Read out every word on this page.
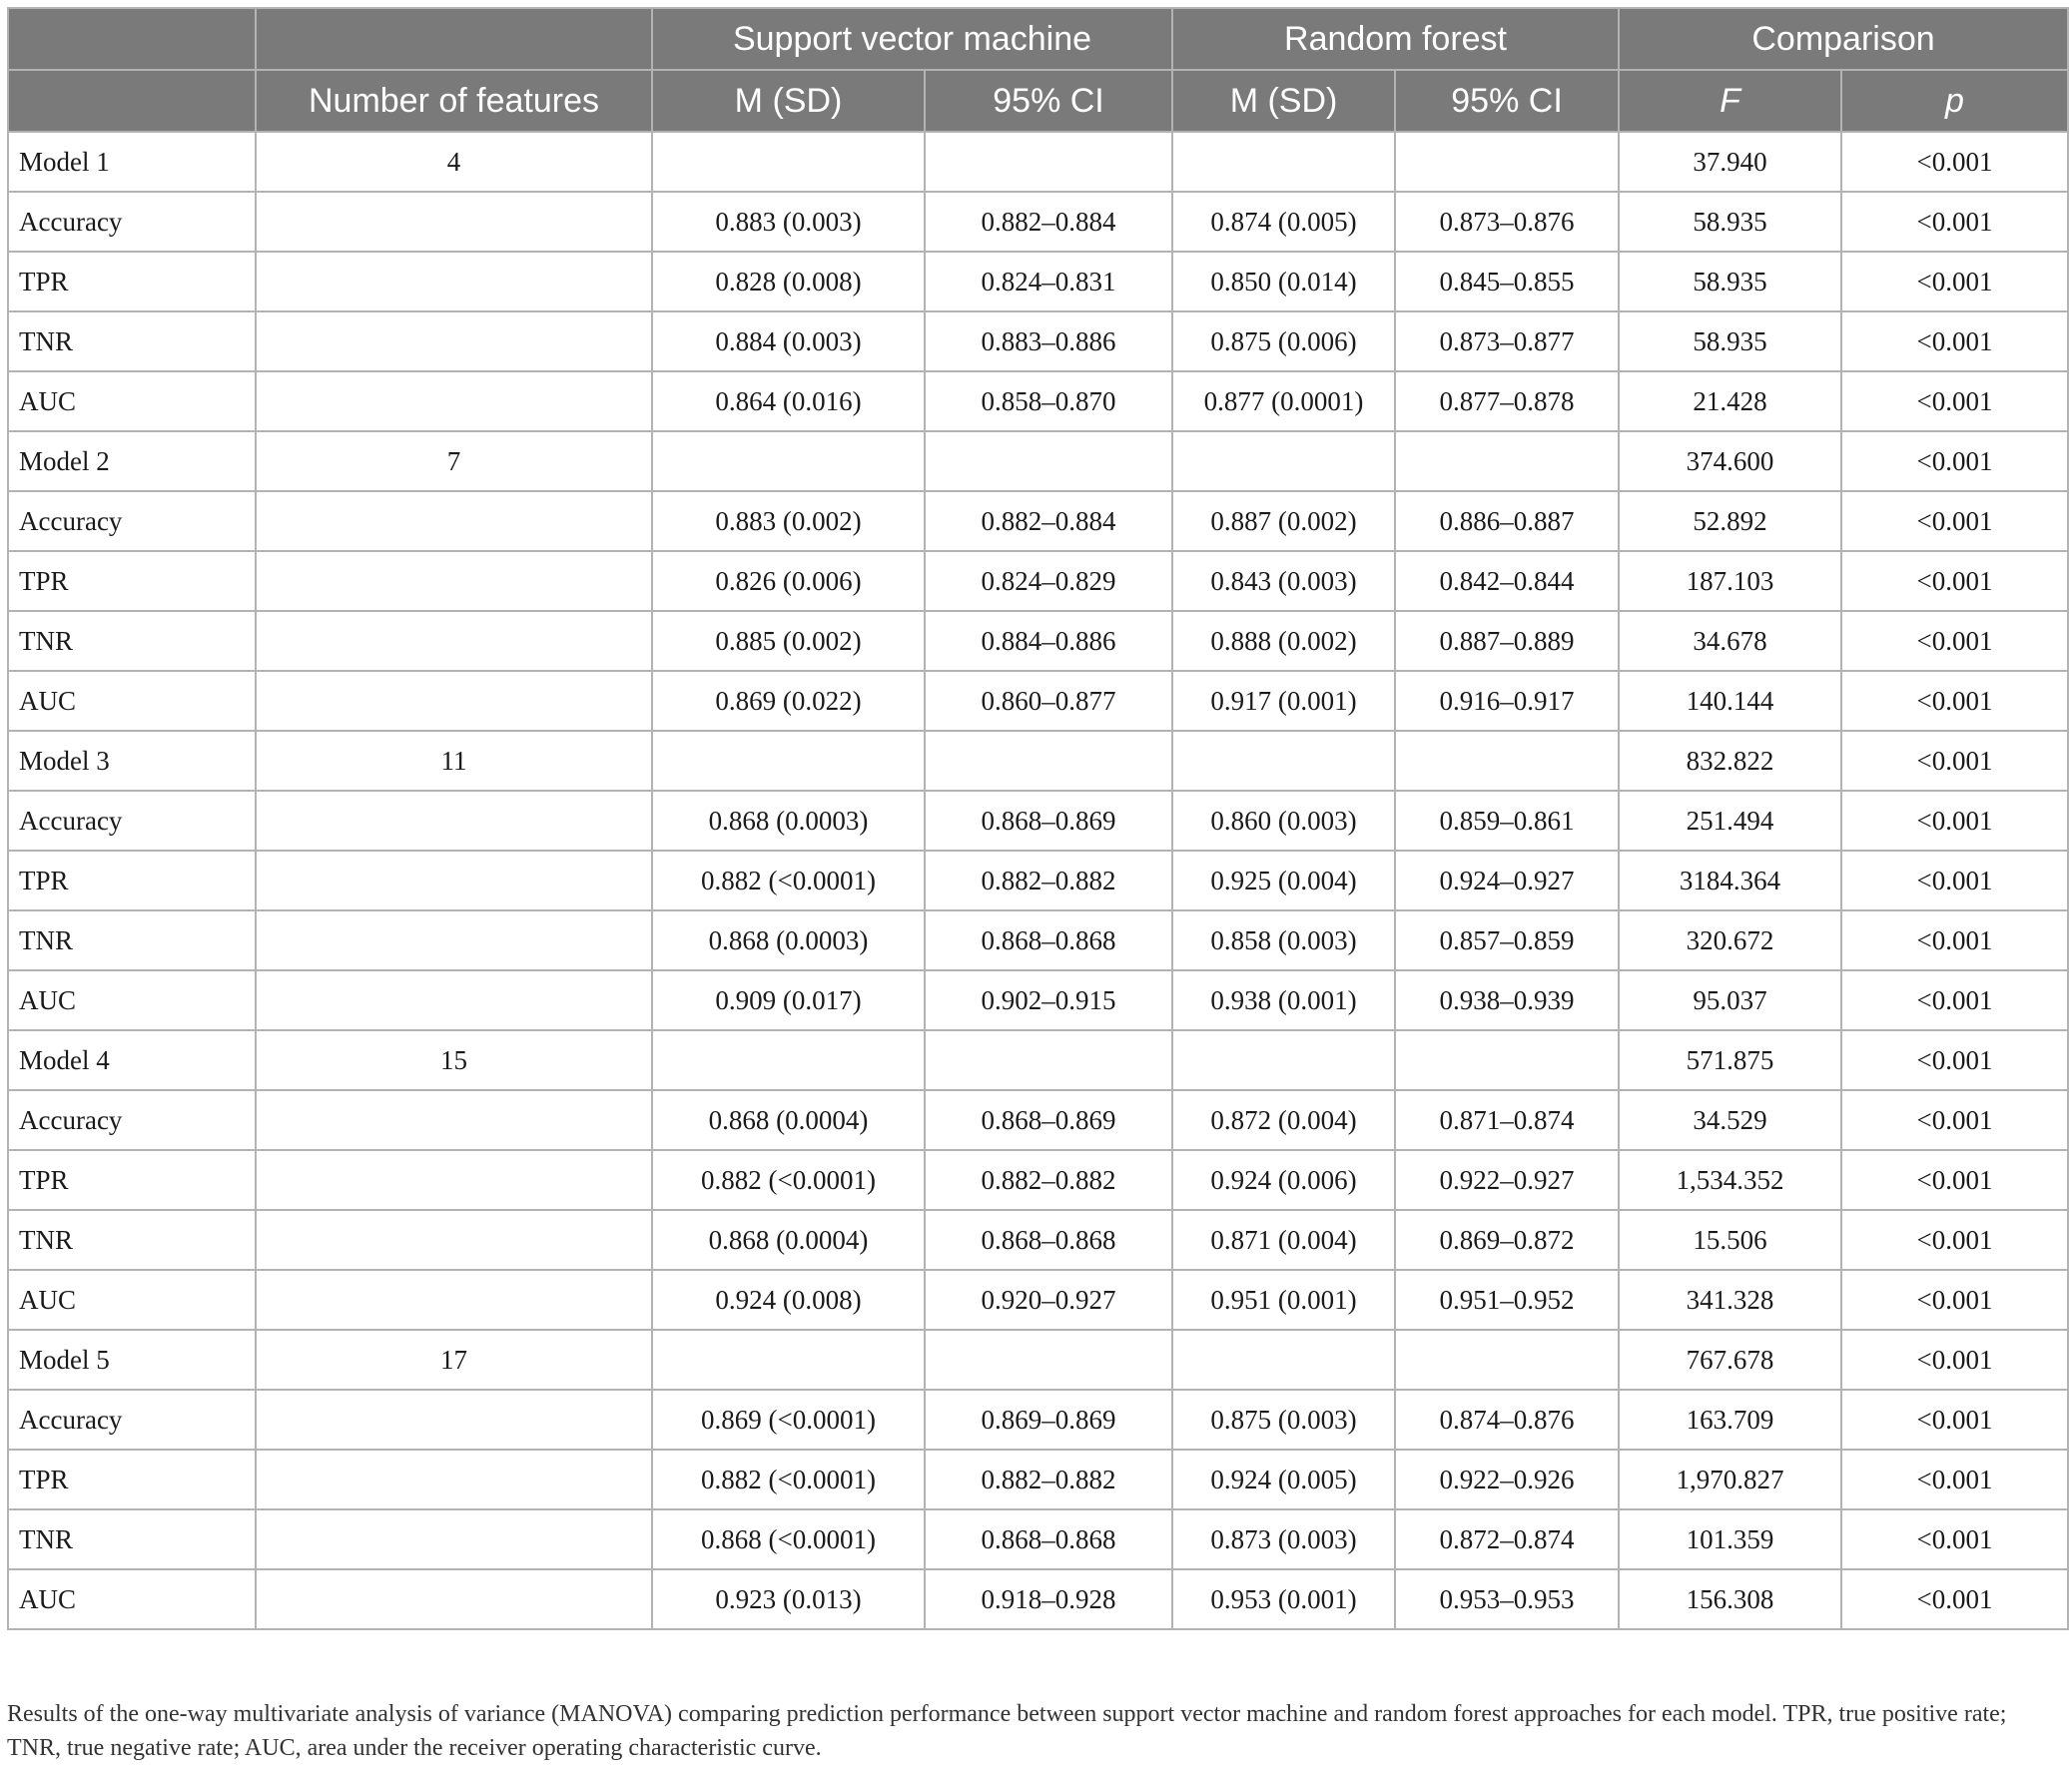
		Support vector machine		Random forest		Comparison	
	Number of features	M (SD)	95% CI	M (SD)	95% CI	F	p
Model 1	4					37.940	<0.001
Accuracy		0.883 (0.003)	0.882–0.884	0.874 (0.005)	0.873–0.876	58.935	<0.001
TPR		0.828 (0.008)	0.824–0.831	0.850 (0.014)	0.845–0.855	58.935	<0.001
TNR		0.884 (0.003)	0.883–0.886	0.875 (0.006)	0.873–0.877	58.935	<0.001
AUC		0.864 (0.016)	0.858–0.870	0.877 (0.0001)	0.877–0.878	21.428	<0.001
Model 2	7					374.600	<0.001
Accuracy		0.883 (0.002)	0.882–0.884	0.887 (0.002)	0.886–0.887	52.892	<0.001
TPR		0.826 (0.006)	0.824–0.829	0.843 (0.003)	0.842–0.844	187.103	<0.001
TNR		0.885 (0.002)	0.884–0.886	0.888 (0.002)	0.887–0.889	34.678	<0.001
AUC		0.869 (0.022)	0.860–0.877	0.917 (0.001)	0.916–0.917	140.144	<0.001
Model 3	11					832.822	<0.001
Accuracy		0.868 (0.0003)	0.868–0.869	0.860 (0.003)	0.859–0.861	251.494	<0.001
TPR		0.882 (<0.0001)	0.882–0.882	0.925 (0.004)	0.924–0.927	3184.364	<0.001
TNR		0.868 (0.0003)	0.868–0.868	0.858 (0.003)	0.857–0.859	320.672	<0.001
AUC		0.909 (0.017)	0.902–0.915	0.938 (0.001)	0.938–0.939	95.037	<0.001
Model 4	15					571.875	<0.001
Accuracy		0.868 (0.0004)	0.868–0.869	0.872 (0.004)	0.871–0.874	34.529	<0.001
TPR		0.882 (<0.0001)	0.882–0.882	0.924 (0.006)	0.922–0.927	1,534.352	<0.001
TNR		0.868 (0.0004)	0.868–0.868	0.871 (0.004)	0.869–0.872	15.506	<0.001
AUC		0.924 (0.008)	0.920–0.927	0.951 (0.001)	0.951–0.952	341.328	<0.001
Model 5	17					767.678	<0.001
Accuracy		0.869 (<0.0001)	0.869–0.869	0.875 (0.003)	0.874–0.876	163.709	<0.001
TPR		0.882 (<0.0001)	0.882–0.882	0.924 (0.005)	0.922–0.926	1,970.827	<0.001
TNR		0.868 (<0.0001)	0.868–0.868	0.873 (0.003)	0.872–0.874	101.359	<0.001
AUC		0.923 (0.013)	0.918–0.928	0.953 (0.001)	0.953–0.953	156.308	<0.001
Results of the one-way multivariate analysis of variance (MANOVA) comparing prediction performance between support vector machine and random forest approaches for each model. TPR, true positive rate; TNR, true negative rate; AUC, area under the receiver operating characteristic curve.
